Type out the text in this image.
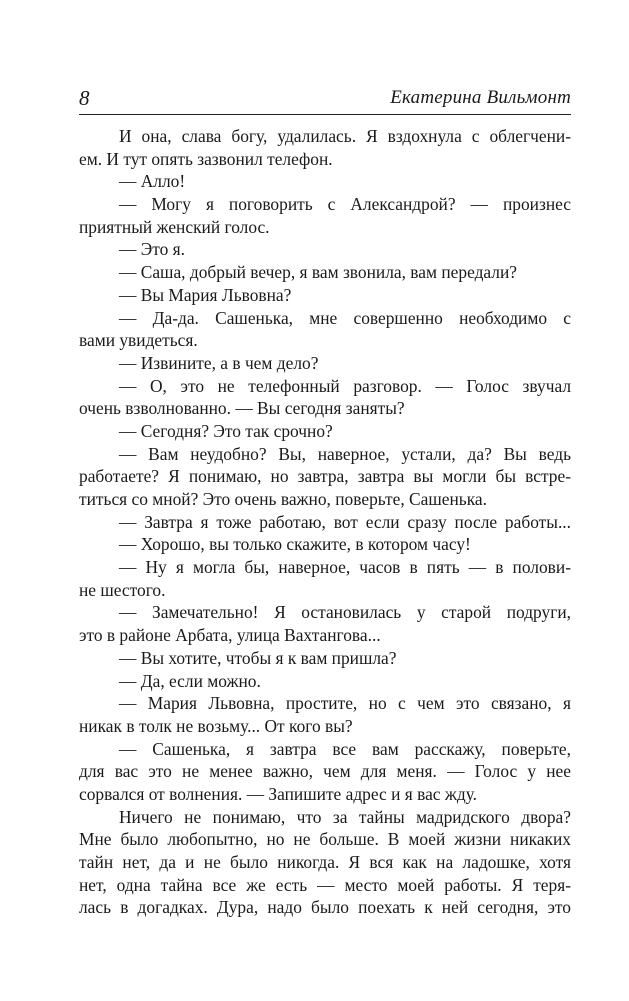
8	Екатерина Вильмонт
И она, слава богу, удалилась. Я вздохнула с облегчени-
ем. И тут опять зазвонил телефон.
— Алло!
— Могу я поговорить с Александрой? — произнес
приятный женский голос.
— Это я.
— Саша, добрый вечер, я вам звонила, вам передали?
— Вы Мария Львовна?
— Да-да. Сашенька, мне совершенно необходимо с
вами увидеться.
— Извините, а в чем дело?
— О, это не телефонный разговор. — Голос звучал
очень взволнованно. — Вы сегодня заняты?
— Сегодня? Это так срочно?
— Вам неудобно? Вы, наверное, устали, да? Вы ведь
работаете? Я понимаю, но завтра, завтра вы могли бы встре-
титься со мной? Это очень важно, поверьте, Сашенька.
— Завтра я тоже работаю, вот если сразу после работы...
— Хорошо, вы только скажите, в котором часу!
— Ну я могла бы, наверное, часов в пять — в полови-
не шестого.
— Замечательно! Я остановилась у старой подруги,
это в районе Арбата, улица Вахтангова...
— Вы хотите, чтобы я к вам пришла?
— Да, если можно.
— Мария Львовна, простите, но с чем это связано, я
никак в толк не возьму... От кого вы?
— Сашенька, я завтра все вам расскажу, поверьте,
для вас это не менее важно, чем для меня. — Голос у нее
сорвался от волнения. — Запишите адрес и я вас жду.
Ничего не понимаю, что за тайны мадридского двора?
Мне было любопытно, но не больше. В моей жизни никаких
тайн нет, да и не было никогда. Я вся как на ладошке, хотя
нет, одна тайна все же есть — место моей работы. Я теря-
лась в догадках. Дура, надо было поехать к ней сегодня, это
